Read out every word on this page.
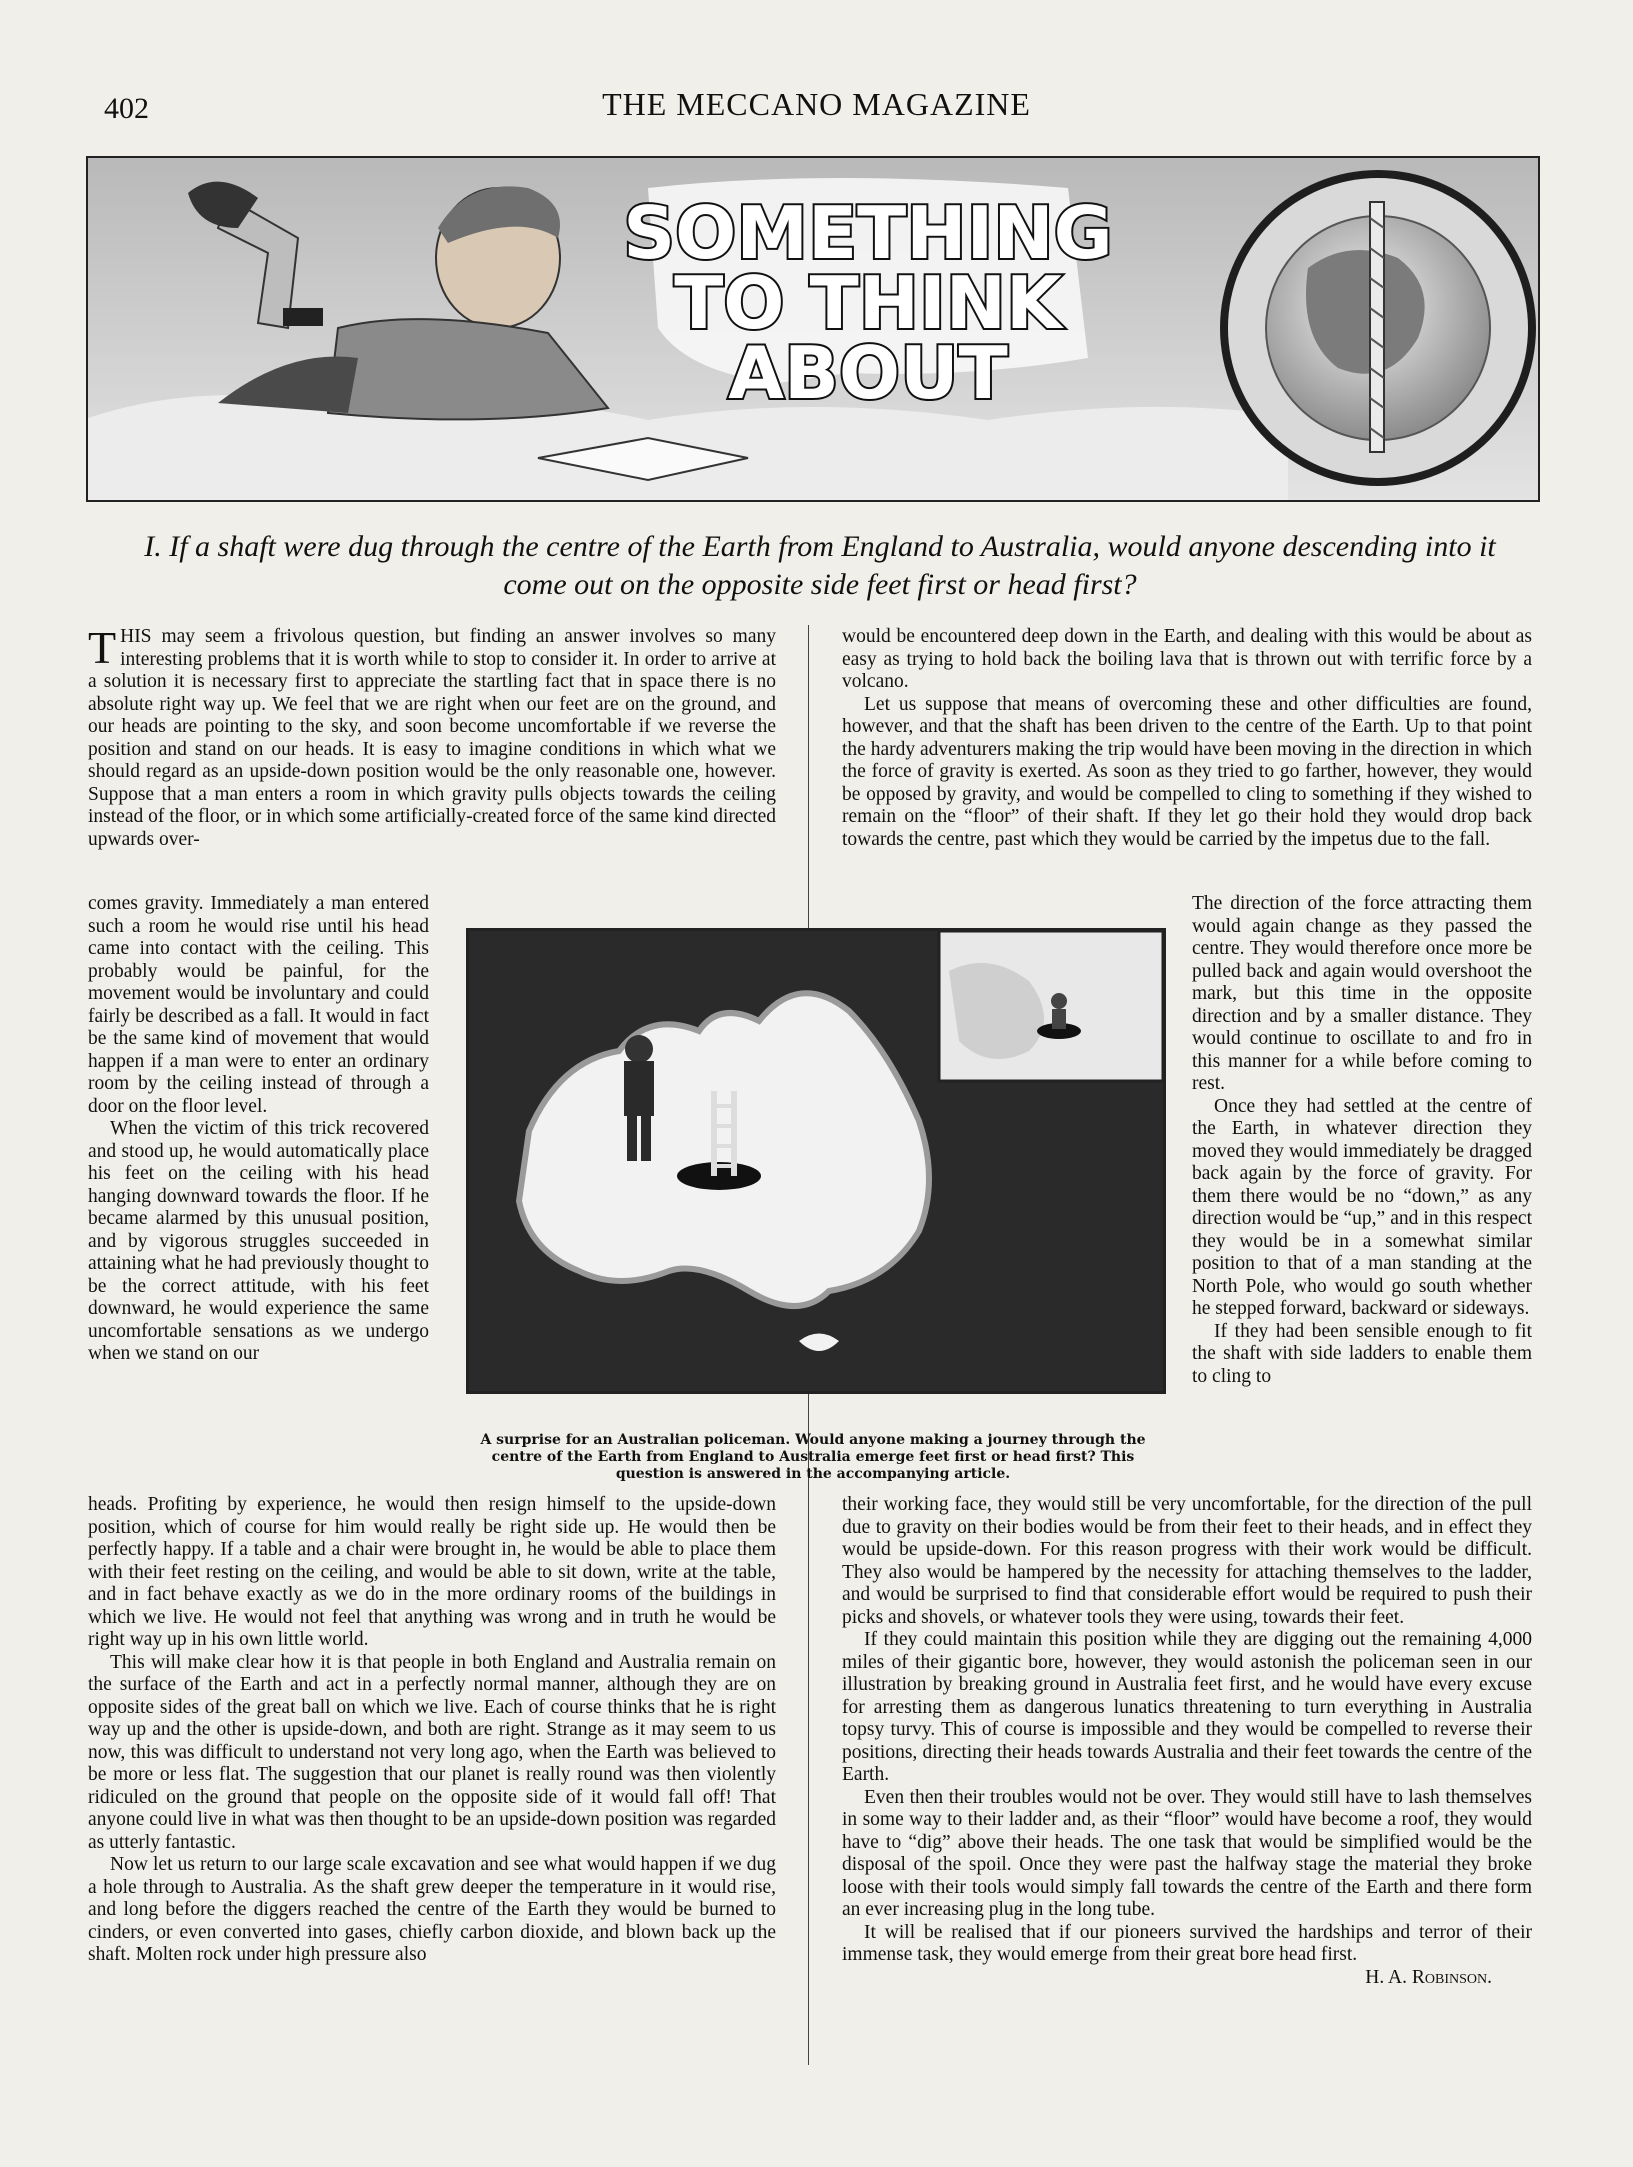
402	THE MECCANO MAGAZINE
SOMETHING
TO THINK
ABOUT
I. If a shaft were dug through the centre of the Earth from England to Australia, would anyone descending into it come out on the opposite side feet first or head first?

THIS may seem a frivolous question, but finding an answer involves so many interesting problems that it is worth while to stop to consider it. In order to arrive at a solution it is necessary first to appreciate the startling fact that in space there is no absolute right way up. We feel that we are right when our feet are on the ground, and our heads are pointing to the sky, and soon become uncomfortable if we reverse the position and stand on our heads. It is easy to imagine conditions in which what we should regard as an upside-down position would be the only reasonable one, however. Suppose that a man enters a room in which gravity pulls objects towards the ceiling instead of the floor, or in which some artificially-created force of the same kind directed upwards over-

comes gravity. Immediately a man entered such a room he would rise until his head came into contact with the ceiling. This probably would be painful, for the movement would be involuntary and could fairly be described as a fall. It would in fact be the same kind of movement that would happen if a man were to enter an ordinary room by the ceiling instead of through a door on the floor level.

When the victim of this trick recovered and stood up, he would automatically place his feet on the ceiling with his head hanging downward towards the floor. If he became alarmed by this unusual position, and by vigorous struggles succeeded in attaining what he had previously thought to be the correct attitude, with his feet downward, he would experience the same uncomfortable sensations as we undergo when we stand on our

heads. Profiting by experience, he would then resign himself to the upside-down position, which of course for him would really be right side up. He would then be perfectly happy. If a table and a chair were brought in, he would be able to place them with their feet resting on the ceiling, and would be able to sit down, write at the table, and in fact behave exactly as we do in the more ordinary rooms of the buildings in which we live. He would not feel that anything was wrong and in truth he would be right way up in his own little world.

This will make clear how it is that people in both England and Australia remain on the surface of the Earth and act in a perfectly normal manner, although they are on opposite sides of the great ball on which we live. Each of course thinks that he is right way up and the other is upside-down, and both are right. Strange as it may seem to us now, this was difficult to understand not very long ago, when the Earth was believed to be more or less flat. The suggestion that our planet is really round was then violently ridiculed on the ground that people on the opposite side of it would fall off! That anyone could live in what was then thought to be an upside-down position was regarded as utterly fantastic.

Now let us return to our large scale excavation and see what would happen if we dug a hole through to Australia. As the shaft grew deeper the temperature in it would rise, and long before the diggers reached the centre of the Earth they would be burned to cinders, or even converted into gases, chiefly carbon dioxide, and blown back up the shaft. Molten rock under high pressure also

would be encountered deep down in the Earth, and dealing with this would be about as easy as trying to hold back the boiling lava that is thrown out with terrific force by a volcano.

Let us suppose that means of overcoming these and other difficulties are found, however, and that the shaft has been driven to the centre of the Earth. Up to that point the hardy adventurers making the trip would have been moving in the direction in which the force of gravity is exerted. As soon as they tried to go farther, however, they would be opposed by gravity, and would be compelled to cling to something if they wished to remain on the “floor” of their shaft. If they let go their hold they would drop back towards the centre, past which they would be carried by the impetus due to the fall.

The direction of the force attracting them would again change as they passed the centre. They would therefore once more be pulled back and again would overshoot the mark, but this time in the opposite direction and by a smaller distance. They would continue to oscillate to and fro in this manner for a while before coming to rest.

Once they had settled at the centre of the Earth, in whatever direction they moved they would immediately be dragged back again by the force of gravity. For them there would be no “down,” as any direction would be “up,” and in this respect they would be in a somewhat similar position to that of a man standing at the North Pole, who would go south whether he stepped forward, backward or sideways.

If they had been sensible enough to fit the shaft with side ladders to enable them to cling to

their working face, they would still be very uncomfortable, for the direction of the pull due to gravity on their bodies would be from their feet to their heads, and in effect they would be upside-down. For this reason progress with their work would be difficult. They also would be hampered by the necessity for attaching themselves to the ladder, and would be surprised to find that considerable effort would be required to push their picks and shovels, or whatever tools they were using, towards their feet.

If they could maintain this position while they are digging out the remaining 4,000 miles of their gigantic bore, however, they would astonish the policeman seen in our illustration by breaking ground in Australia feet first, and he would have every excuse for arresting them as dangerous lunatics threatening to turn everything in Australia topsy turvy. This of course is impossible and they would be compelled to reverse their positions, directing their heads towards Australia and their feet towards the centre of the Earth.

Even then their troubles would not be over. They would still have to lash themselves in some way to their ladder and, as their “floor” would have become a roof, they would have to “dig” above their heads. The one task that would be simplified would be the disposal of the spoil. Once they were past the halfway stage the material they broke loose with their tools would simply fall towards the centre of the Earth and there form an ever increasing plug in the long tube.

It will be realised that if our pioneers survived the hardships and terror of their immense task, they would emerge from their great bore head first.
H. A. Robinson.

A surprise for an Australian policeman. Would anyone making a journey through the centre of the Earth from England to Australia emerge feet first or head first? This question is answered in the accompanying article.
